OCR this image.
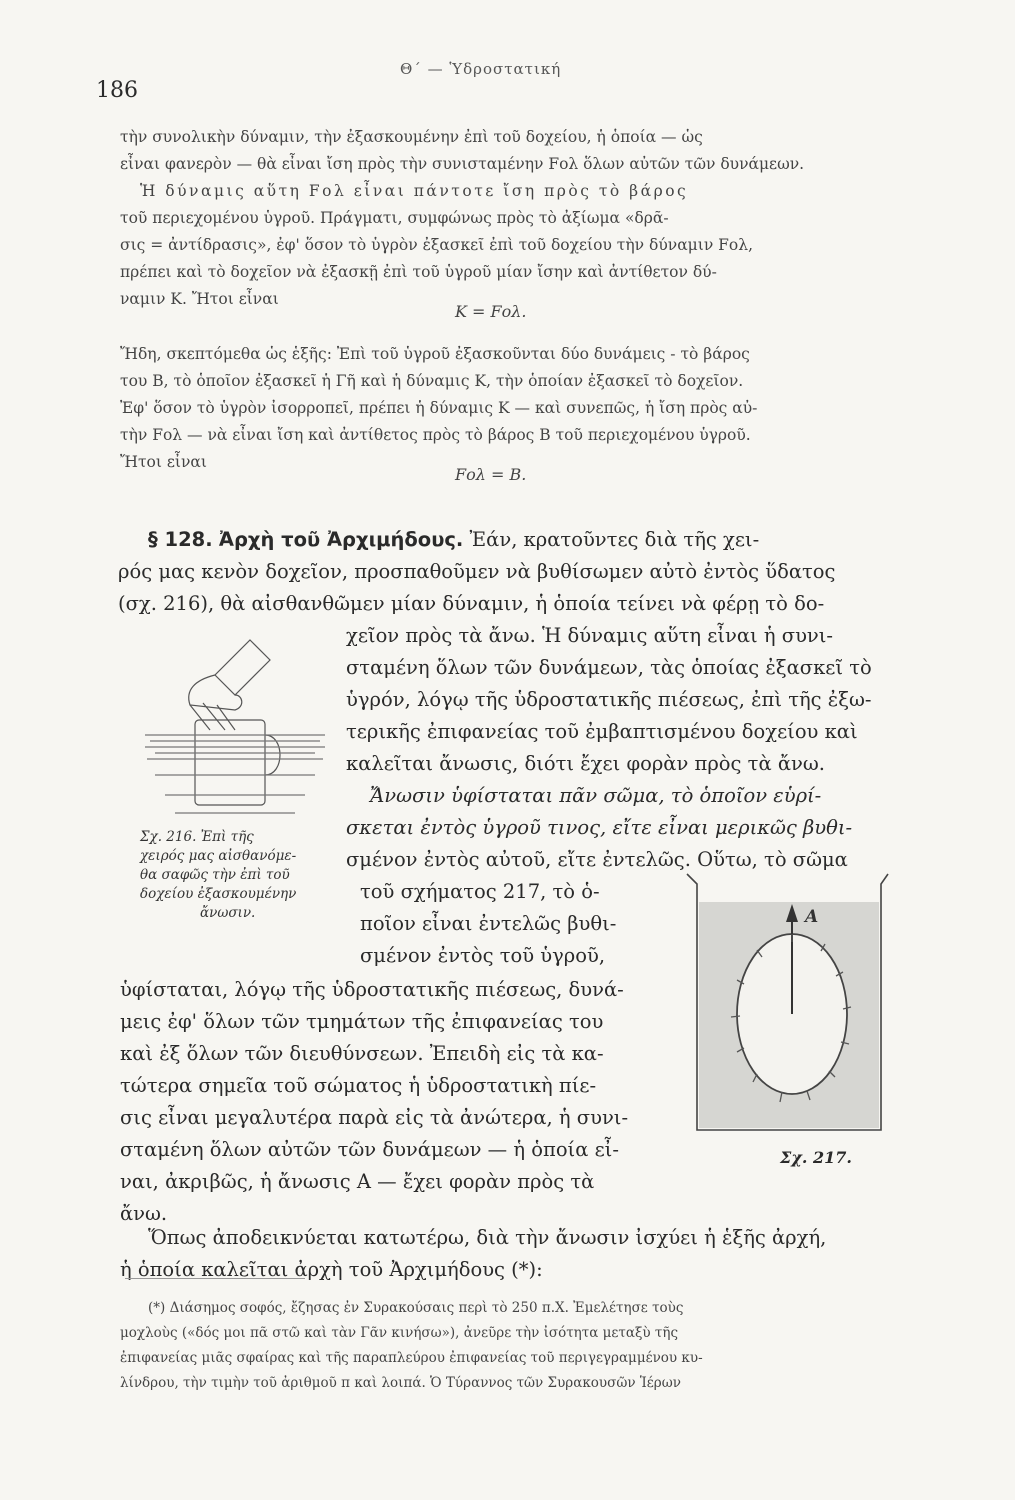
186
Θ΄ — Ὑδροστατική
τὴν συνολικὴν δύναμιν, τὴν ἐξασκουμένην ἐπὶ τοῦ δοχείου, ἡ ὁποία — ὡς
εἶναι φανερὸν — θὰ εἶναι ἴση πρὸς τὴν συνισταμένην Fολ ὅλων αὐτῶν τῶν δυνάμεων.
Ἡ δύναμις αὕτη Fολ εἶναι πάντοτε ἴση πρὸς τὸ βάρος
τοῦ περιεχομένου ὑγροῦ. Πράγματι, συμφώνως πρὸς τὸ ἀξίωμα «δρᾶ-
σις = ἀντίδρασις», ἐφ' ὅσον τὸ ὑγρὸν ἐξασκεῖ ἐπὶ τοῦ δοχείου τὴν δύναμιν Fολ,
πρέπει καὶ τὸ δοχεῖον νὰ ἐξασκῇ ἐπὶ τοῦ ὑγροῦ μίαν ἴσην καὶ ἀντίθετον δύ-
ναμιν K. Ἤτοι εἶναι
K = Fολ.
Ἤδη, σκεπτόμεθα ὡς ἑξῆς: Ἐπὶ τοῦ ὑγροῦ ἐξασκοῦνται δύο δυνάμεις - τὸ βάρος
του B, τὸ ὁποῖον ἐξασκεῖ ἡ Γῆ καὶ ἡ δύναμις K, τὴν ὁποίαν ἐξασκεῖ τὸ δοχεῖον.
Ἐφ' ὅσον τὸ ὑγρὸν ἰσορροπεῖ, πρέπει ἡ δύναμις K — καὶ συνεπῶς, ἡ ἴση πρὸς αὐ-
τὴν Fολ — νὰ εἶναι ἴση καὶ ἀντίθετος πρὸς τὸ βάρος B τοῦ περιεχομένου ὑγροῦ.
Ἤτοι εἶναι
Fολ = B.
§ 128. Ἀρχὴ τοῦ Ἀρχιμήδους. Ἐάν, κρατοῦντες διὰ τῆς χει-
ρός μας κενὸν δοχεῖον, προσπαθοῦμεν νὰ βυθίσωμεν αὐτὸ ἐντὸς ὕδατος
(σχ. 216), θὰ αἰσθανθῶμεν μίαν δύναμιν, ἡ ὁποία τείνει νὰ φέρῃ τὸ δο-
χεῖον πρὸς τὰ ἄνω. Ἡ δύναμις αὕτη εἶναι ἡ συνι-
σταμένη ὅλων τῶν δυνάμεων, τὰς ὁποίας ἐξασκεῖ τὸ
ὑγρόν, λόγῳ τῆς ὑδροστατικῆς πιέσεως, ἐπὶ τῆς ἐξω-
τερικῆς ἐπιφανείας τοῦ ἐμβαπτισμένου δοχείου καὶ
καλεῖται ἄνωσις, διότι ἔχει φορὰν πρὸς τὰ ἄνω.
Ἄνωσιν ὑφίσταται πᾶν σῶμα, τὸ ὁποῖον εὑρί-
σκεται ἐντὸς ὑγροῦ τινος, εἴτε εἶναι μερικῶς βυθι-
σμένον ἐντὸς αὐτοῦ, εἴτε ἐντελῶς. Οὕτω, τὸ σῶμα
τοῦ σχήματος 217, τὸ ὁ-
ποῖον εἶναι ἐντελῶς βυθι-
σμένον ἐντὸς τοῦ ὑγροῦ,
ὑφίσταται, λόγῳ τῆς ὑδροστατικῆς πιέσεως, δυνά-
μεις ἐφ' ὅλων τῶν τμημάτων τῆς ἐπιφανείας του
καὶ ἐξ ὅλων τῶν διευθύνσεων. Ἐπειδὴ εἰς τὰ κα-
τώτερα σημεῖα τοῦ σώματος ἡ ὑδροστατικὴ πίε-
σις εἶναι μεγαλυτέρα παρὰ εἰς τὰ ἀνώτερα, ἡ συνι-
σταμένη ὅλων αὐτῶν τῶν δυνάμεων — ἡ ὁποία εἶ-
ναι, ἀκριβῶς, ἡ ἄνωσις A — ἔχει φορὰν πρὸς τὰ
ἄνω.
Ὅπως ἀποδεικνύεται κατωτέρω, διὰ τὴν ἄνωσιν ἰσχύει ἡ ἑξῆς ἀρχή,
ἡ ὁποία καλεῖται ἀρχὴ τοῦ Ἀρχιμήδους (*):
Σχ. 216. Ἐπὶ τῆς
χειρός μας αἰσθανόμε-
θα σαφῶς τὴν ἐπὶ τοῦ
δοχείου ἐξασκουμένην
ἄνωσιν.	A
Σχ. 217.
(*) Διάσημος σοφός, ἔζησας ἐν Συρακούσαις περὶ τὸ 250 π.Χ. Ἐμελέτησε τοὺς
μοχλοὺς («δός μοι πᾶ στῶ καὶ τὰν Γᾶν κινήσω»), ἀνεῦρε τὴν ἰσότητα μεταξὺ τῆς
ἐπιφανείας μιᾶς σφαίρας καὶ τῆς παραπλεύρου ἐπιφανείας τοῦ περιγεγραμμένου κυ-
λίνδρου, τὴν τιμὴν τοῦ ἀριθμοῦ π καὶ λοιπά. Ὁ Τύραννος τῶν Συρακουσῶν Ἱέρων
